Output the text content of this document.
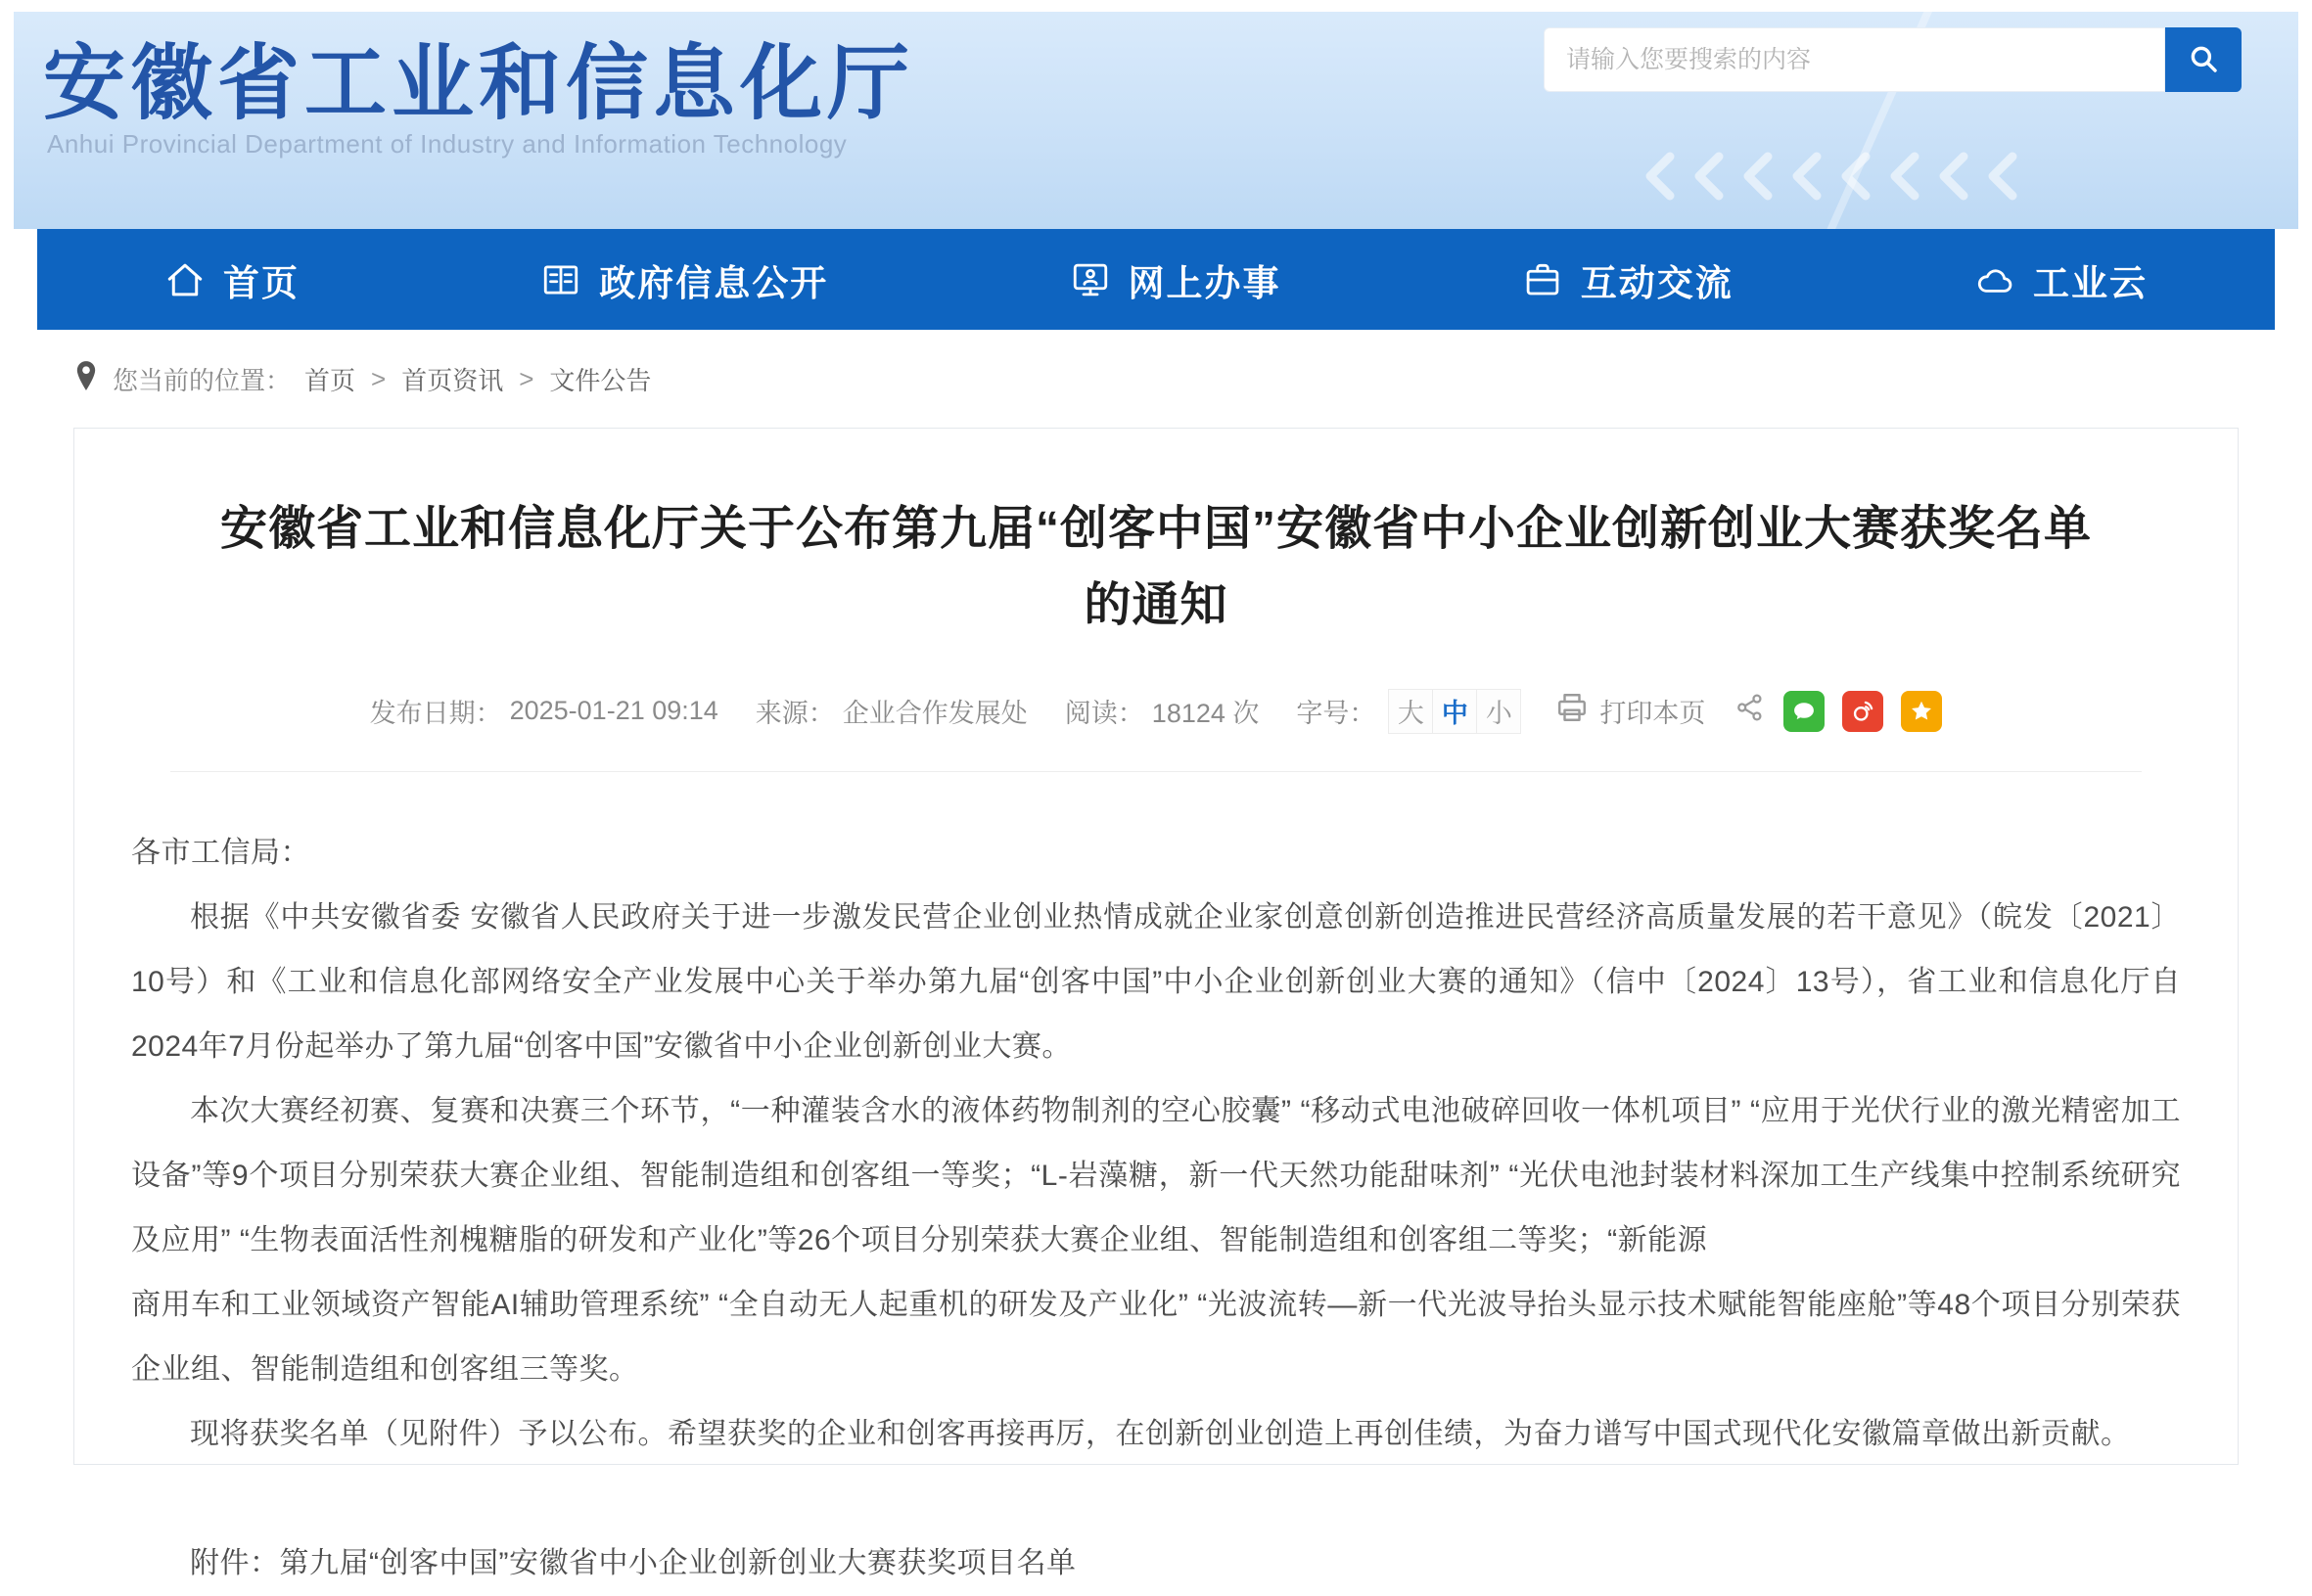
安徽省工业和信息化厅
Anhui Provincial Department of Industry and Information Technology
请输入您要搜索的内容
首页	政府信息公开	网上办事	互动交流	工业云
您当前的位置： 首页 > 首页资讯 > 文件公告
安徽省工业和信息化厅关于公布第九届“创客中国”安徽省中小企业创新创业大赛获奖名单的通知
发布日期： 2025-01-21 09:14 来源： 企业合作发展处 阅读： 18124 次 字号： 大 中 小	打印本页

各市工信局：

根据《中共安徽省委 安徽省人民政府关于进一步激发民营企业创业热情成就企业家创意创新创造推进民营经济高质量发展的若干意见》（皖发〔2021〕10号）和《工业和信息化部网络安全产业发展中心关于举办第九届“创客中国”中小企业创新创业大赛的通知》（信中〔2024〕13号），省工业和信息化厅自2024年7月份起举办了第九届“创客中国”安徽省中小企业创新创业大赛。

本次大赛经初赛、复赛和决赛三个环节，“一种灌装含水的液体药物制剂的空心胶囊” “移动式电池破碎回收一体机项目” “应用于光伏行业的激光精密加工设备”等9个项目分别荣获大赛企业组、智能制造组和创客组一等奖；“L-岩藻糖，新一代天然功能甜味剂” “光伏电池封装材料深加工生产线集中控制系统研究及应用” “生物表面活性剂槐糖脂的研发和产业化”等26个项目分别荣获大赛企业组、智能制造组和创客组二等奖；“新能源

商用车和工业领域资产智能AI辅助管理系统” “全自动无人起重机的研发及产业化” “光波流转—新一代光波导抬头显示技术赋能智能座舱”等48个项目分别荣获企业组、智能制造组和创客组三等奖。

现将获奖名单（见附件）予以公布。希望获奖的企业和创客再接再厉，在创新创业创造上再创佳绩，为奋力谱写中国式现代化安徽篇章做出新贡献。

附件：第九届“创客中国”安徽省中小企业创新创业大赛获奖项目名单
